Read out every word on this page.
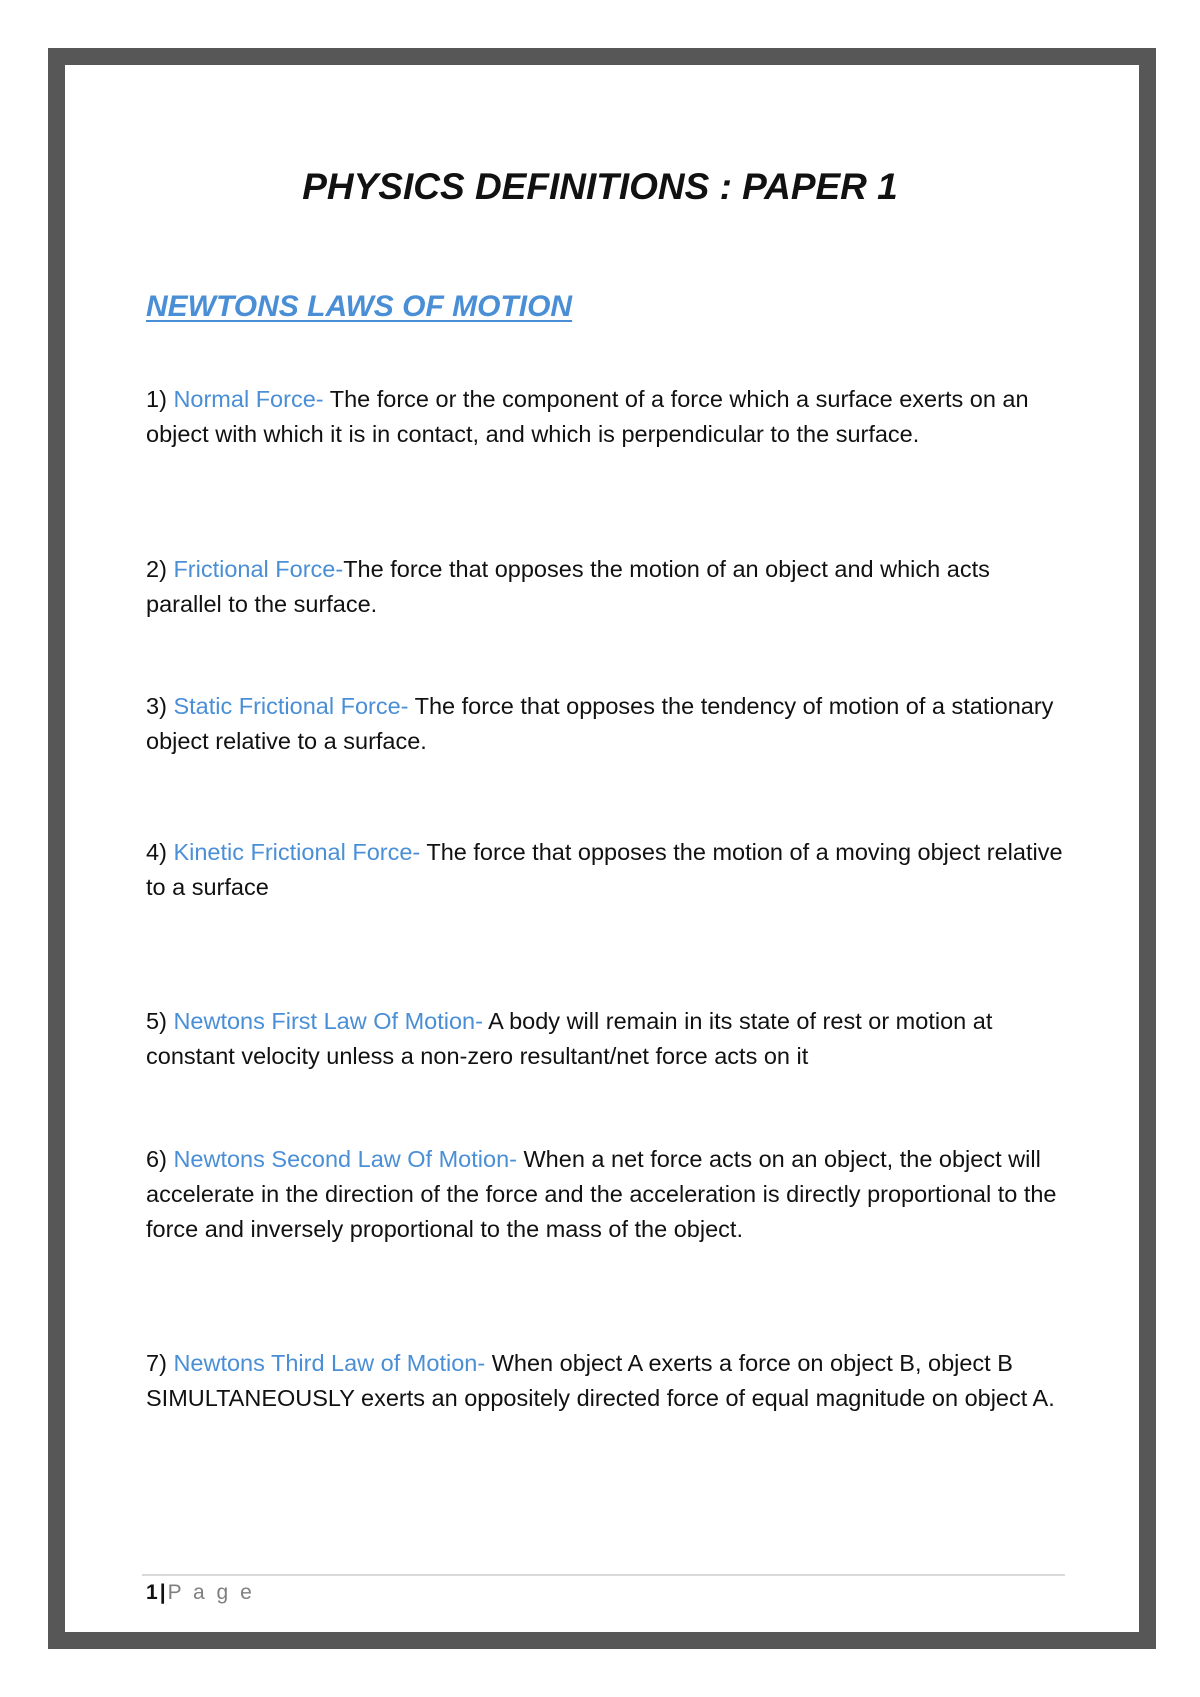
PHYSICS DEFINITIONS : PAPER 1
NEWTONS LAWS OF MOTION

1) Normal Force- The force or the component of a force which a surface exerts on an object with which it is in contact, and which is perpendicular to the surface.

2) Frictional Force-The force that opposes the motion of an object and which acts parallel to the surface.

3) Static Frictional Force- The force that opposes the tendency of motion of a stationary object relative to a surface.

4) Kinetic Frictional Force- The force that opposes the motion of a moving object relative to a surface

5) Newtons First Law Of Motion- A body will remain in its state of rest or motion at constant velocity unless a non-zero resultant/net force acts on it

6) Newtons Second Law Of Motion- When a net force acts on an object, the object will accelerate in the direction of the force and the acceleration is directly proportional to the force and inversely proportional to the mass of the object.

7) Newtons Third Law of Motion- When object A exerts a force on object B, object B SIMULTANEOUSLY exerts an oppositely directed force of equal magnitude on object A.

1|P a g e
